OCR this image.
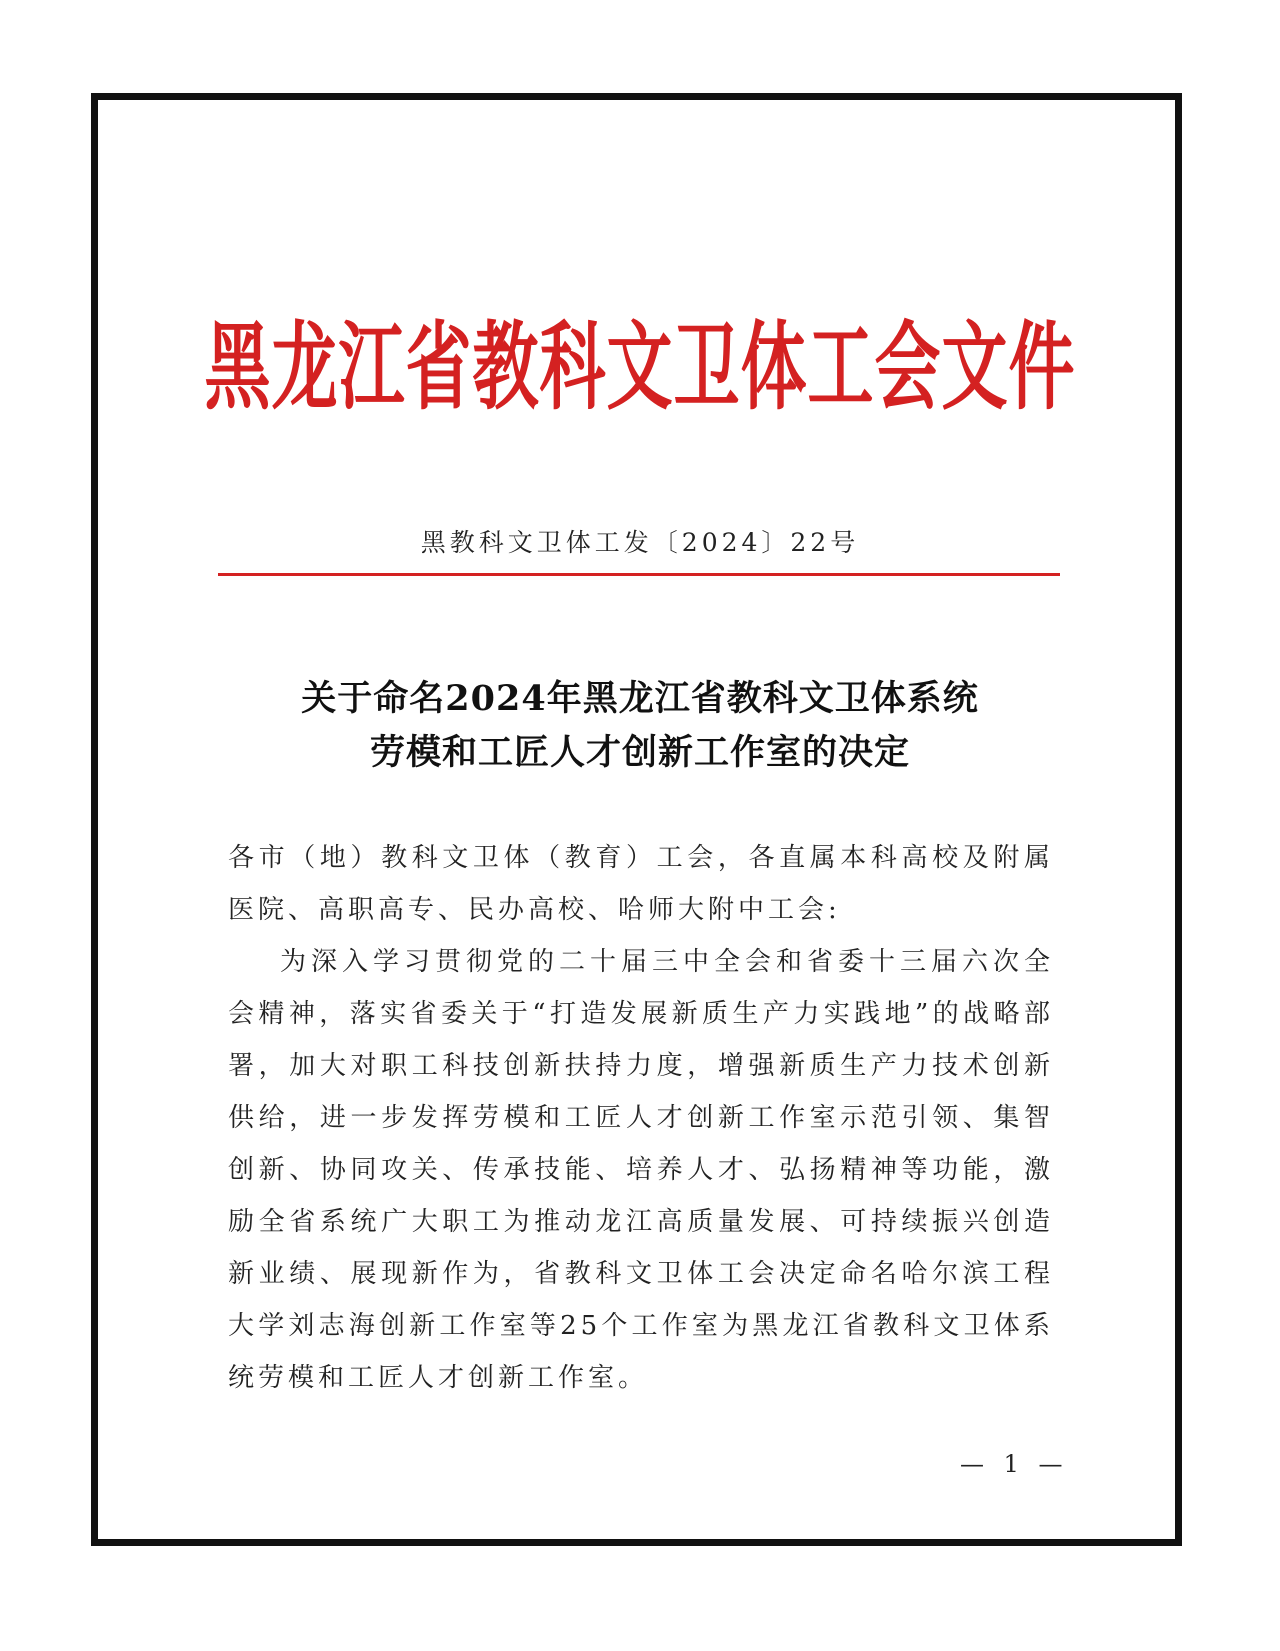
黑龙江省教科文卫体工会文件
黑教科文卫体工发〔2024〕22号
关于命名2024年黑龙江省教科文卫体系统
劳模和工匠人才创新工作室的决定

各市（地）教科文卫体（教育）工会，各直属本科高校及附属医院、高职高专、民办高校、哈师大附中工会:

为深入学习贯彻党的二十届三中全会和省委十三届六次全会精神，落实省委关于“打造发展新质生产力实践地”的战略部署，加大对职工科技创新扶持力度，增强新质生产力技术创新供给，进一步发挥劳模和工匠人才创新工作室示范引领、集智创新、协同攻关、传承技能、培养人才、弘扬精神等功能，激励全省系统广大职工为推动龙江高质量发展、可持续振兴创造新业绩、展现新作为，省教科文卫体工会决定命名哈尔滨工程大学刘志海创新工作室等25个工作室为黑龙江省教科文卫体系统劳模和工匠人才创新工作室。

— 1 —
